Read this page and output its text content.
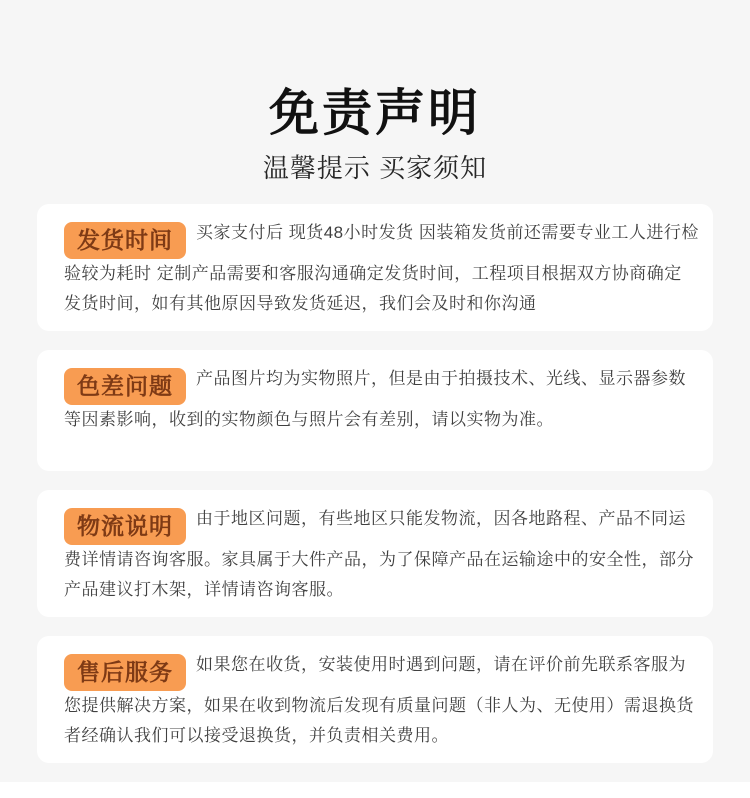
免责声明
温馨提示 买家须知

发货时间 买家支付后 现货48小时发货 因装箱发货前还需要专业工人进行检验较为耗时 定制产品需要和客服沟通确定发货时间，工程项目根据双方协商确定发货时间，如有其他原因导致发货延迟，我们会及时和你沟通

色差问题 产品图片均为实物照片，但是由于拍摄技术、光线、显示器参数等因素影响，收到的实物颜色与照片会有差别，请以实物为准。

物流说明 由于地区问题，有些地区只能发物流，因各地路程、产品不同运费详情请咨询客服。家具属于大件产品，为了保障产品在运输途中的安全性，部分产品建议打木架，详情请咨询客服。

售后服务 如果您在收货，安装使用时遇到问题，请在评价前先联系客服为您提供解决方案，如果在收到物流后发现有质量问题（非人为、无使用）需退换货者经确认我们可以接受退换货，并负责相关费用。
